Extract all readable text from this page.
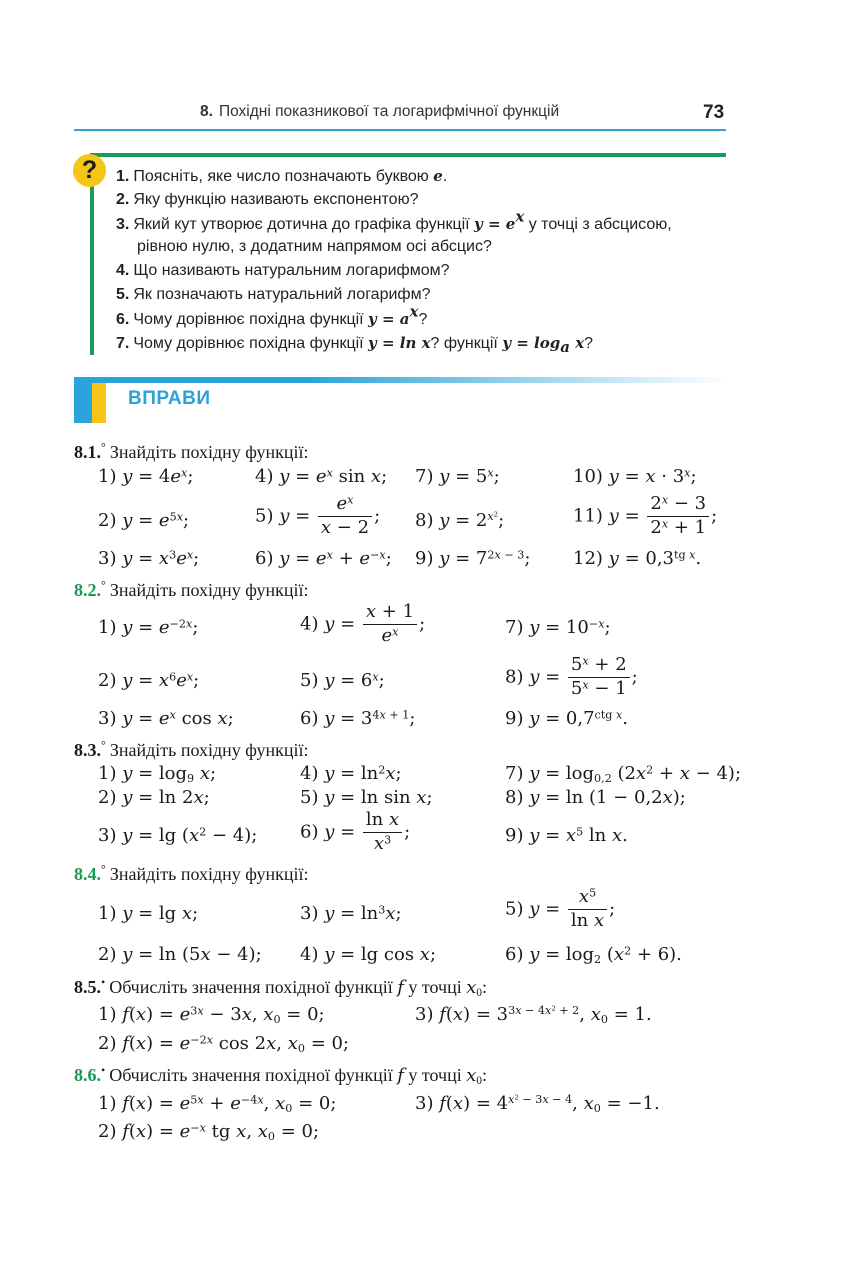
8. Похідні показникової та логарифмічної функцій	73
?	1. Поясніть, яке число позначають буквою e.
2. Яку функцію називають експонентою?
3. Який кут утворює дотична до графіка функції $y = e^x$ у точці з абсцисою,
рівною нулю, з додатним напрямом осі абсцис?
4. Що називають натуральним логарифмом?
5. Як позначають натуральний логарифм?
6. Чому дорівнює похідна функції $y = a^x$?
7. Чому дорівнює похідна функції y = ln x? функції $y = \log_a x$?
ВПРАВИ
8.1.° Знайдіть похідну функції:
1) $y = 4e^x$;	4) $y = e^x$ sin x; 7) $y = 5^x$;	10) $y = x \cdot 3^x$;
2) $y = e^{5x}$;	5) $y = \frac{e^x}{x - 2}$ ; 8) $y = 2^{x^2}$;	11) $y = \frac{2^x - 3}{2^x + 1}$ ;
3) $y = x^3e^x$;	6) $y = e^x + e^{-x}$; 9) $y = 7^{2x - 3}$; 12) $y = 0,3^{tg x}$.
8.2.° Знайдіть похідну функції:
1) $y = e^{-2x}$;	4) $y = \frac{x + 1}{e^x}$ ;	7) $y = 10^{-x}$;
2) $y = x^6e^x$;	5) $y = 6^x$;	8) $y = \frac{5^x + 2}{5^x - 1}$ ;
3) $y = e^x$ cos x;	6) $y = 3^{4x + 1}$;	9) $y = 0,7^{ctg x}$.
8.3.° Знайдіть похідну функції:
1) $y = \log_9 x$;	4) $y = \ln^2x$;	7) $y = \log_{0,2} (2x^2 + x - 4)$;
2) y = ln 2x;	5) y = ln sin x;	8) y = ln (1 − 0,2x);
3) $y = \lg (x^2 - 4)$; 6) $y = \frac{\text{ln x}}{x^3}$ ;	9) $y = x^5$ ln x.
8.4.° Знайдіть похідну функції:
1) y = lg x;	3) $y = \ln^3x$;	5) $y = \frac{x^5}{\text{ln x}}$ ;
2) y = ln (5x − 4); 4) y = lg cos x;	6) $y = \log_2 (x^2 + 6)$.
8.5.• Обчисліть значення похідної функції f у точці $x_0$:
1) $f(x) = e^{3x} - 3x$, $x_0 = 0$;	3) $f(x) = 3^{3x - 4x^2 + 2}$, $x_0 = 1$.
2) $f(x) = e^{-2x}$ cos 2x, $x_0 = 0$;
8.6.• Обчисліть значення похідної функції f у точці $x_0$:
1) $f(x) = e^{5x} + e^{-4x}$, $x_0 = 0$;	3) $f(x) = 4^{x^2 - 3x - 4}$, $x_0 = -1$.
2) $f(x) = e^{-x}$ tg x, $x_0 = 0$;
